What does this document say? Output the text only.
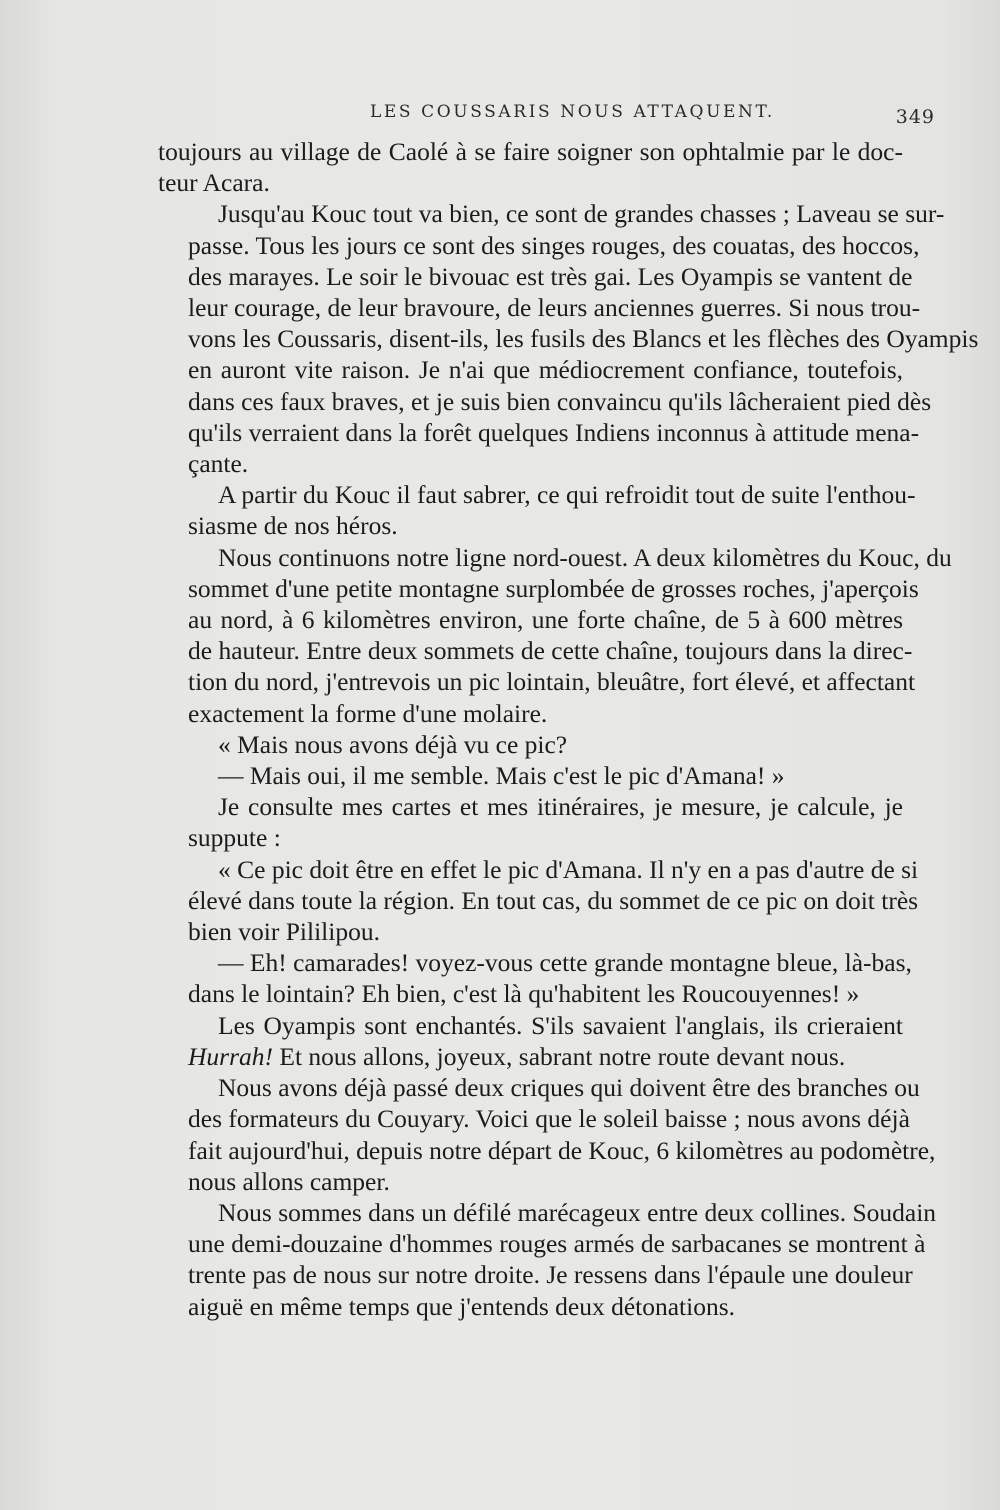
LES COUSSARIS NOUS ATTAQUENT.	349
toujours au village de Caolé à se faire soigner son ophtalmie par le doc-
teur Acara.
Jusqu'au Kouc tout va bien, ce sont de grandes chasses ; Laveau se sur-
passe. Tous les jours ce sont des singes rouges, des couatas, des hoccos,
des marayes. Le soir le bivouac est très gai. Les Oyampis se vantent de
leur courage, de leur bravoure, de leurs anciennes guerres. Si nous trou-
vons les Coussaris, disent-ils, les fusils des Blancs et les flèches des Oyampis
en auront vite raison. Je n'ai que médiocrement confiance, toutefois,
dans ces faux braves, et je suis bien convaincu qu'ils lâcheraient pied dès
qu'ils verraient dans la forêt quelques Indiens inconnus à attitude mena-
çante.
A partir du Kouc il faut sabrer, ce qui refroidit tout de suite l'enthou-
siasme de nos héros.
Nous continuons notre ligne nord-ouest. A deux kilomètres du Kouc, du
sommet d'une petite montagne surplombée de grosses roches, j'aperçois
au nord, à 6 kilomètres environ, une forte chaîne, de 5 à 600 mètres
de hauteur. Entre deux sommets de cette chaîne, toujours dans la direc-
tion du nord, j'entrevois un pic lointain, bleuâtre, fort élevé, et affectant
exactement la forme d'une molaire.
« Mais nous avons déjà vu ce pic?
— Mais oui, il me semble. Mais c'est le pic d'Amana! »
Je consulte mes cartes et mes itinéraires, je mesure, je calcule, je
suppute :
« Ce pic doit être en effet le pic d'Amana. Il n'y en a pas d'autre de si
élevé dans toute la région. En tout cas, du sommet de ce pic on doit très
bien voir Pililipou.
— Eh! camarades! voyez-vous cette grande montagne bleue, là-bas,
dans le lointain? Eh bien, c'est là qu'habitent les Roucouyennes! »
Les Oyampis sont enchantés. S'ils savaient l'anglais, ils crieraient
Hurrah! Et nous allons, joyeux, sabrant notre route devant nous.
Nous avons déjà passé deux criques qui doivent être des branches ou
des formateurs du Couyary. Voici que le soleil baisse ; nous avons déjà
fait aujourd'hui, depuis notre départ de Kouc, 6 kilomètres au podomètre,
nous allons camper.
Nous sommes dans un défilé marécageux entre deux collines. Soudain
une demi-douzaine d'hommes rouges armés de sarbacanes se montrent à
trente pas de nous sur notre droite. Je ressens dans l'épaule une douleur
aiguë en même temps que j'entends deux détonations.
